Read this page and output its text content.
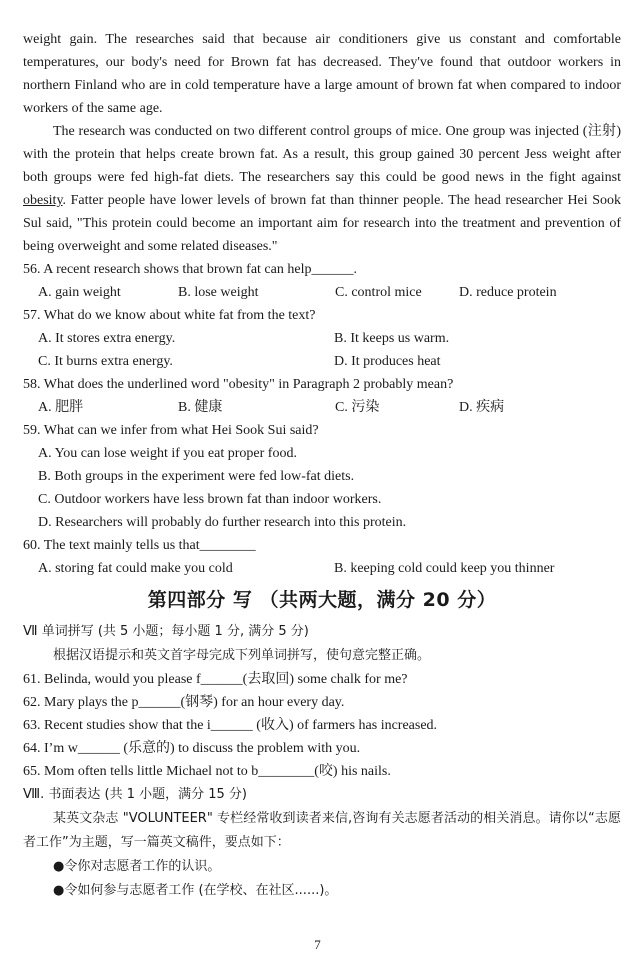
weight gain. The researches said that because air conditioners give us constant and comfortable temperatures, our body's need for Brown fat has decreased. They've found that outdoor workers in northern Finland who are in cold temperature have a large amount of brown fat when compared to indoor workers of the same age.

The research was conducted on two different control groups of mice. One group was injected (注射) with the protein that helps create brown fat. As a result, this group gained 30 percent Jess weight after both groups were fed high-fat diets. The researchers say this could be good news in the fight against obesity. Fatter people have lower levels of brown fat than thinner people. The head researcher Hei Sook Sul said, "This protein could become an important aim for research into the treatment and prevention of being overweight and some related diseases."

56. A recent research shows that brown fat can help______.

A. gain weight	B. lose weight	C. control mice	D. reduce protein

57. What do we know about white fat from the text?

A. It stores extra energy.	B. It keeps us warm.
C. It burns extra energy.	D. It produces heat

58. What does the underlined word "obesity" in Paragraph 2 probably mean?

A. 肥胖	B. 健康	C. 污染	D. 疾病

59. What can we infer from what Hei Sook Sui said?

A. You can lose weight if you eat proper food.

B. Both groups in the experiment were fed low-fat diets.

C. Outdoor workers have less brown fat than indoor workers.

D. Researchers will probably do further research into this protein.

60. The text mainly tells us that________

A. storing fat could make you cold	B. keeping cold could keep you thinner
第四部分 写 （共两大题，满分 20 分）

Ⅶ 单词拼写 (共 5 小题；每小题 1 分, 满分 5 分)

根据汉语提示和英文首字母完成下列单词拼写，使句意完整正确。

61. Belinda, would you please f______(去取回) some chalk for me?

62. Mary plays the p______(钢琴) for an hour every day.

63. Recent studies show that the i______ (收入) of farmers has increased.

64. I’m w______ (乐意的) to discuss the problem with you.

65. Mom often tells little Michael not to b________(咬) his nails.

Ⅷ. 书面表达 (共 1 小题，满分 15 分)

某英文杂志 "VOLUNTEER" 专栏经常收到读者来信,咨询有关志愿者活动的相关消息。请你以“志愿者工作”为主题，写一篇英文稿件，要点如下：

●令你对志愿者工作的认识。

●令如何参与志愿者工作 (在学校、在社区......)。

7
